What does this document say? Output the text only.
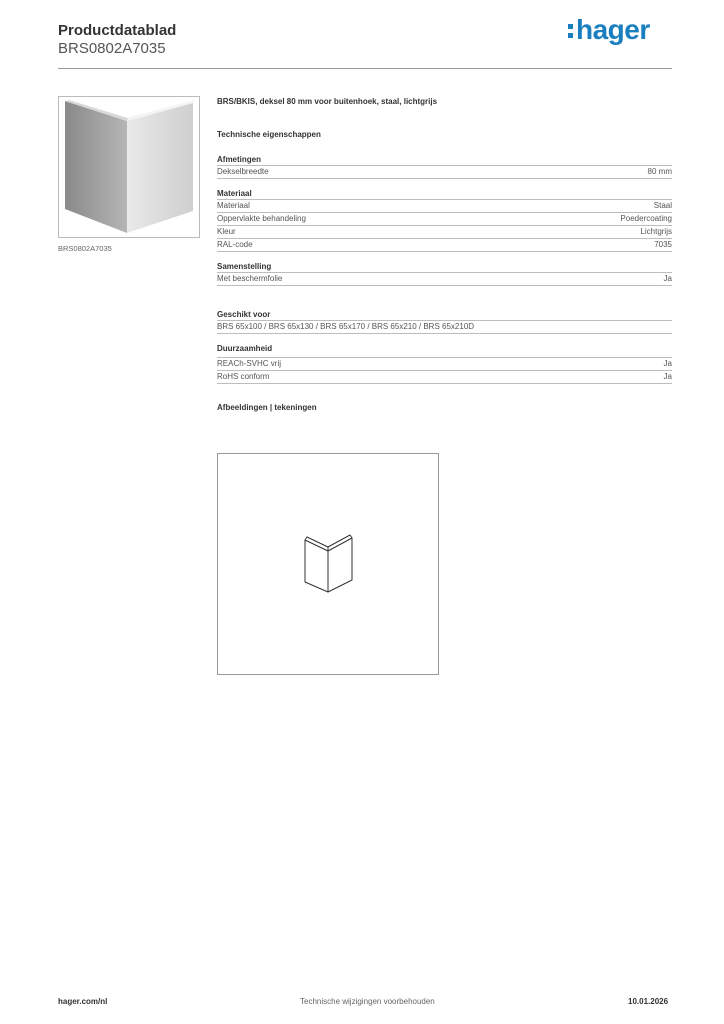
Productdatablad
BRS0802A7035
hager
BRS0802A7035
BRS/BKIS, deksel 80 mm voor buitenhoek, staal, lichtgrijs
Technische eigenschappen
Afmetingen
Dekselbreedte	80 mm
Materiaal
Materiaal	Staal
Oppervlakte behandeling	Poedercoating
Kleur	Lichtgrijs
RAL-code	7035
Samenstelling
Met beschermfolie	Ja
Geschikt voor
BRS 65x100 / BRS 65x130 / BRS 65x170 / BRS 65x210 / BRS 65x210D
Duurzaamheid
REACh-SVHC vrij	Ja
RoHS conform	Ja
Afbeeldingen | tekeningen
hager.com/nl	Technische wijzigingen voorbehouden	10.01.2026
